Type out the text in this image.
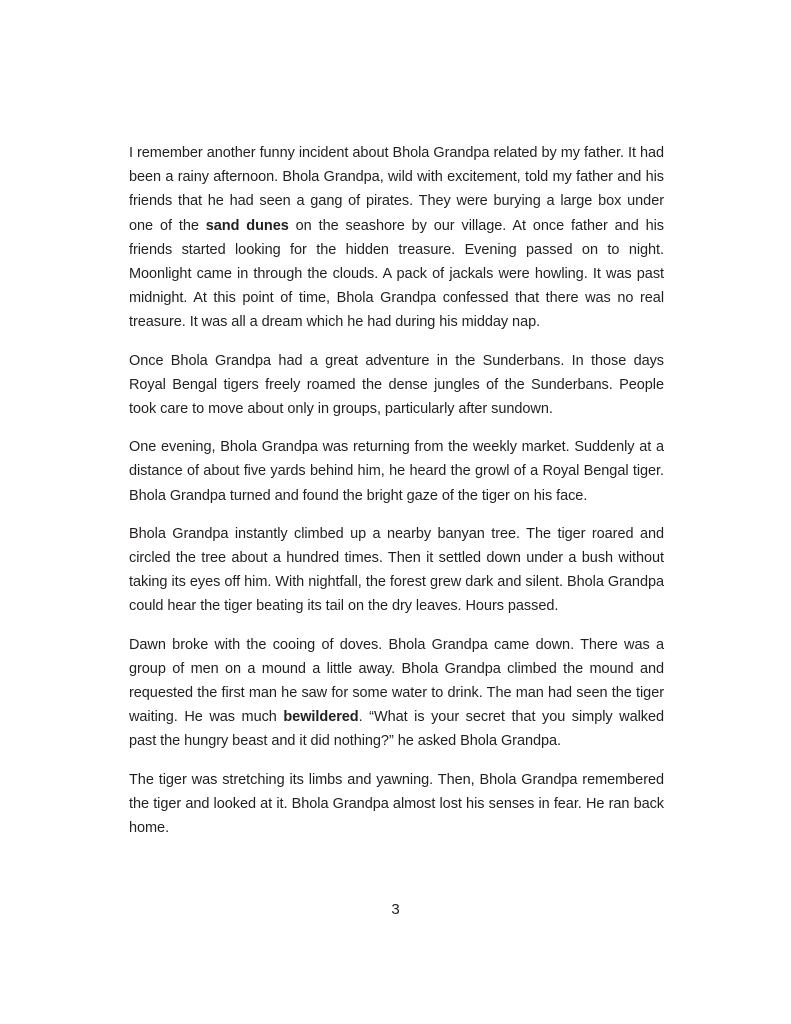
I remember another funny incident about Bhola Grandpa related by my father. It had been a rainy afternoon. Bhola Grandpa, wild with excitement, told my father and his friends that he had seen a gang of pirates. They were burying a large box under one of the sand dunes on the seashore by our village. At once father and his friends started looking for the hidden treasure. Evening passed on to night. Moonlight came in through the clouds. A pack of jackals were howling. It was past midnight. At this point of time, Bhola Grandpa confessed that there was no real treasure. It was all a dream which he had during his midday nap.

Once Bhola Grandpa had a great adventure in the Sunderbans. In those days Royal Bengal tigers freely roamed the dense jungles of the Sunderbans. People took care to move about only in groups, particularly after sundown.

One evening, Bhola Grandpa was returning from the weekly market. Suddenly at a distance of about five yards behind him, he heard the growl of a Royal Bengal tiger. Bhola Grandpa turned and found the bright gaze of the tiger on his face.

Bhola Grandpa instantly climbed up a nearby banyan tree. The tiger roared and circled the tree about a hundred times. Then it settled down under a bush without taking its eyes off him. With nightfall, the forest grew dark and silent. Bhola Grandpa could hear the tiger beating its tail on the dry leaves. Hours passed.

Dawn broke with the cooing of doves. Bhola Grandpa came down. There was a group of men on a mound a little away. Bhola Grandpa climbed the mound and requested the first man he saw for some water to drink. The man had seen the tiger waiting. He was much bewildered. “What is your secret that you simply walked past the hungry beast and it did nothing?” he asked Bhola Grandpa.

The tiger was stretching its limbs and yawning. Then, Bhola Grandpa remembered the tiger and looked at it. Bhola Grandpa almost lost his senses in fear. He ran back home.

3
